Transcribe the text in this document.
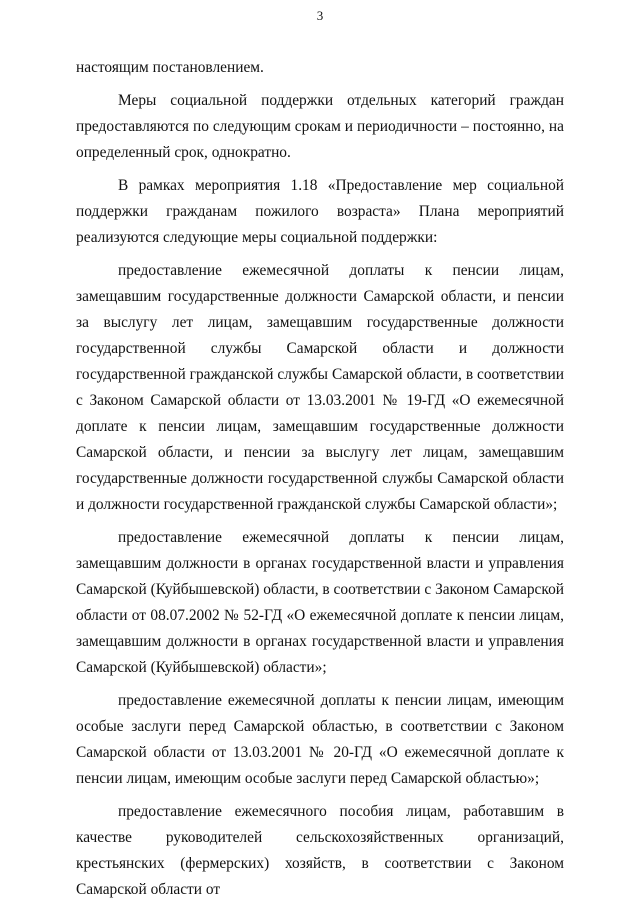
3

настоящим постановлением.

Меры социальной поддержки отдельных категорий граждан предоставляются по следующим срокам и периодичности – постоянно, на определенный срок, однократно.

В рамках мероприятия 1.18 «Предоставление мер социальной поддержки гражданам пожилого возраста» Плана мероприятий реализуются следующие меры социальной поддержки:

предоставление ежемесячной доплаты к пенсии лицам, замещавшим государственные должности Самарской области, и пенсии за выслугу лет лицам, замещавшим государственные должности государственной службы Самарской области и должности государственной гражданской службы Самарской области, в соответствии с Законом Самарской области от 13.03.2001 № 19-ГД «О ежемесячной доплате к пенсии лицам, замещавшим государственные должности Самарской области, и пенсии за выслугу лет лицам, замещавшим государственные должности государственной службы Самарской области и должности государственной гражданской службы Самарской области»;

предоставление ежемесячной доплаты к пенсии лицам, замещавшим должности в органах государственной власти и управления Самарской (Куйбышевской) области, в соответствии с Законом Самарской области от 08.07.2002 № 52-ГД «О ежемесячной доплате к пенсии лицам, замещавшим должности в органах государственной власти и управления Самарской (Куйбышевской) области»;

предоставление ежемесячной доплаты к пенсии лицам, имеющим особые заслуги перед Самарской областью, в соответствии с Законом Самарской области от 13.03.2001 № 20-ГД «О ежемесячной доплате к пенсии лицам, имеющим особые заслуги перед Самарской областью»;

предоставление ежемесячного пособия лицам, работавшим в качестве руководителей сельскохозяйственных организаций, крестьянских (фермерских) хозяйств, в соответствии с Законом Самарской области от
